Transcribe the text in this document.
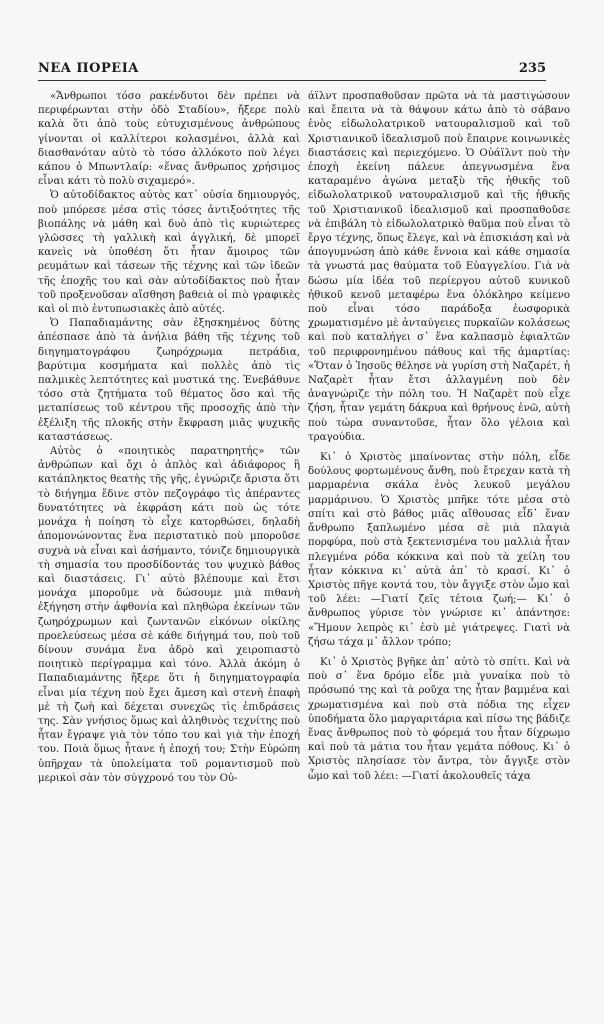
ΝΕΑ ΠΟΡΕΙΑ	235

«Ἄνθρωποι τόσο ρακένδυτοι δὲν πρέπει νὰ περιφέρωνται στὴν ὁδὸ Σταδίου», ἤξερε πολὺ καλὰ ὅτι ἀπὸ τοὺς εὐτυχισμένους ἀνθρώπους γίνονται οἱ καλλίτεροι κολασμένοι, ἀλλὰ καὶ διασθανόταν αὐτὸ τὸ τόσο ἀλλόκοτο ποὺ λέγει κάπου ὁ Μπωντλαίρ: «ἕνας ἄνθρωπος χρήσιμος εἶναι κάτι τὸ πολὺ σιχαμερό».

Ὁ αὐτοδίδακτος αὐτὸς κατ᾽ οὐσία δημιουργός, ποὺ μπόρεσε μέσα στὶς τόσες ἀντιξοότητες τῆς βιοπάλης νὰ μάθη καὶ δυὸ ἀπὸ τὶς κυριώτερες γλῶσσες τὴ γαλλικὴ καὶ ἀγγλική, δὲ μπορεῖ κανεὶς νὰ ὑποθέση ὅτι ἦταν ἄμοιρος τῶν ρευμάτων καὶ τάσεων τῆς τέχνης καὶ τῶν ἰδεῶν τῆς ἐποχῆς του καὶ σὰν αὐτοδίδακτος ποὺ ἦταν τοῦ προξενοῦσαν αἴσθηση βαθειὰ οἱ πιὸ γραφικὲς καὶ οἱ πιὸ ἐντυπωσιακὲς ἀπὸ αὐτές.

Ὁ Παπαδιαμάντης σὰν ἐξησκημένος δύτης ἀπέσπασε ἀπὸ τὰ ἀνήλια βάθη τῆς τέχνης τοῦ διηγηματογράφου ζωηρόχρωμα πετράδια, βαρύτιμα κοσμήματα καὶ πολλὲς ἀπὸ τὶς παλμικὲς λεπτότητες καὶ μυστικά της. Ἐνεβάθυνε τόσο στὰ ζητήματα τοῦ θέματος ὅσο καὶ τῆς μεταπίσεως τοῦ κέντρου τῆς προσοχῆς ἀπὸ τὴν ἐξέλιξη τῆς πλοκῆς στὴν ἔκφραση μιᾶς ψυχικῆς καταστάσεως.

Αὐτὸς ὁ «ποιητικὸς παρατηρητής» τῶν ἀνθρώπων καὶ ὄχι ὁ ἁπλὸς καὶ ἀδιάφορος ἢ κατάπληκτος θεατὴς τῆς γῆς, ἐγνώριζε ἄριστα ὅτι τὸ διήγημα ἔδινε στὸν πεζογράφο τὶς ἀπέραντες δυνατότητες νὰ ἐκφράση κάτι ποὺ ὡς τότε μονάχα ἡ ποίηση τὸ εἶχε κατορθώσει, δηλαδὴ ἀπομονώνοντας ἕνα περιστατικὸ ποὺ μποροῦσε συχνὰ νὰ εἶναι καὶ ἀσήμαντο, τόνιζε δημιουργικὰ τὴ σημασία του προσδίδοντάς του ψυχικὸ βάθος καὶ διαστάσεις. Γι᾽ αὐτὸ βλέπουμε καὶ ἔτσι μονάχα μποροῦμε νὰ δώσουμε μιὰ πιθανὴ ἐξήγηση στὴν ἀφθονία καὶ πληθώρα ἐκείνων τῶν ζωηρόχρωμων καὶ ζωντανῶν εἰκόνων οἰκίλης προελεύσεως μέσα σὲ κάθε διήγημά του, ποὺ τοῦ δίνουν συνάμα ἕνα ἁδρὸ καὶ χειροπιαστὸ ποιητικὸ περίγραμμα καὶ τόνο. Ἀλλὰ ἀκόμη ὁ Παπαδιαμάντης ἤξερε ὅτι ἡ διηγηματογραφία εἶναι μία τέχνη ποὺ ἔχει ἄμεση καὶ στενὴ ἐπαφὴ μὲ τὴ ζωὴ καὶ δέχεται συνεχῶς τὶς ἐπιδράσεις της. Σὰν γνήσιος ὅμως καὶ ἀληθινὸς τεχνίτης ποὺ ἦταν ἔγραψε γιὰ τὸν τόπο του καὶ γιὰ τὴν ἐποχή του. Ποιὰ ὅμως ἦτανε ἡ ἐποχή του; Στὴν Εὐρώπη ὑπῆρχαν τὰ ὑπολείματα τοῦ ρομαντισμοῦ ποὺ μερικοὶ σὰν τὸν σύγχρονό του τὸν Οὐ-

άϊλντ προσπαθοῦσαν πρῶτα νὰ τὰ μαστιγώσουν καὶ ἔπειτα νὰ τὰ θάψουν κάτω ἀπὸ τὸ σάβανο ἑνὸς εἰδωλολατρικοῦ νατουραλισμοῦ καὶ τοῦ Χριστιανικοῦ ἰδεαλισμοῦ ποὺ ἔπαιρνε κοινωνικὲς διαστάσεις καὶ περιεχόμενο. Ὁ Οὐάϊλντ ποὺ τὴν ἐποχὴ ἐκείνη πάλευε ἀπεγνωσμένα ἕνα καταραμένο ἀγώνα μεταξὺ τῆς ἠθικῆς τοῦ εἰδωλολατρικοῦ νατουραλισμοῦ καὶ τῆς ἠθικῆς τοῦ Χριστιανικοῦ ἰδεαλισμοῦ καὶ προσπαθοῦσε νὰ ἐπιβάλη τὸ εἰδωλολατρικὸ θαῦμα ποὺ εἶναι τὸ ἔργο τέχνης, ὅπως ἔλεγε, καὶ νὰ ἐπισκιάση καὶ νὰ ἀπογυμνώση ἀπὸ κάθε ἔννοια καὶ κάθε σημασία τὰ γνωστά μας θαύματα τοῦ Εὐαγγελίου. Γιὰ νὰ δώσω μία ἰδέα τοῦ περίεργου αὐτοῦ κυνικοῦ ἠθικοῦ κενοῦ μεταφέρω ἕνα ὁλόκληρο κείμενο ποὺ εἶναι τόσο παράδοξα ἐωσφορικὰ χρωματισμένο μὲ ἀνταύγειες πυρκαϊῶν κολάσεως καὶ ποὺ καταλήγει σ᾽ ἕνα καλπασμὸ ἐφιαλτῶν τοῦ περιφρονημένου πάθους καὶ τῆς ἁμαρτίας: «Ὅταν ὁ Ἰησοῦς θέλησε νὰ γυρίση στὴ Ναζαρέτ, ἡ Ναζαρὲτ ἦταν ἔτσι ἀλλαγμένη ποὺ δὲν ἀναγνώριζε τὴν πόλη του. Ἡ Ναζαρὲτ ποὺ εἶχε ζήση, ἦταν γεμάτη δάκρυα καὶ θρήνους ἐνῶ, αὐτὴ ποὺ τώρα συναντοῦσε, ἦταν ὅλο γέλοια καὶ τραγούδια.

Κι᾽ ὁ Χριστὸς μπαίνοντας στὴν πόλη, εἶδε δούλους φορτωμένους ἄνθη, ποὺ ἔτρεχαν κατὰ τὴ μαρμαρένια σκάλα ἑνὸς λευκοῦ μεγάλου μαρμάρινου. Ὁ Χριστὸς μπῆκε τότε μέσα στὸ σπίτι καὶ στὸ βάθος μιᾶς αἴθουσας εἶδ᾽ ἕναν ἄνθρωπο ξαπλωμένο μέσα σὲ μιὰ πλαγιὰ πορφύρα, ποὺ στὰ ξεκτενισμένα του μαλλιὰ ἦταν πλεγμένα ρόδα κόκκινα καὶ ποὺ τὰ χείλη του ἦταν κόκκινα κι᾽ αὐτὰ ἀπ᾽ τὸ κρασί. Κι᾽ ὁ Χριστὸς πῆγε κοντά του, τὸν ἄγγιξε στὸν ὦμο καὶ τοῦ λέει: —Γιατί ζεῖς τέτοια ζωή;— Κι᾽ ὁ ἄνθρωπος γύρισε τὸν γνώρισε κι᾽ ἀπάντησε: «Ἤμουν λεπρὸς κι᾽ ἐσὺ μὲ γιάτρεψες. Γιατὶ νὰ ζήσω τάχα μ᾽ ἄλλον τρόπο;

Κι᾽ ὁ Χριστὸς βγῆκε ἀπ᾽ αὐτὸ τὸ σπίτι. Καὶ νὰ ποὺ σ᾽ ἕνα δρόμο εἶδε μιὰ γυναίκα ποὺ τὸ πρόσωπό της καὶ τὰ ροῦχα της ἦταν βαμμένα καὶ χρωματισμένα καὶ ποὺ στὰ πόδια της εἶχεν ὑποδήματα ὅλο μαργαριτάρια καὶ πίσω της βάδιζε ἕνας ἄνθρωπος ποὺ τὸ φόρεμά του ἦταν δίχρωμο καὶ ποὺ τὰ μάτια του ἦταν γεμάτα πόθους. Κι᾽ ὁ Χριστὸς πλησίασε τὸν ἄντρα, τὸν ἄγγιξε στὸν ὦμο καὶ τοῦ λέει: —Γιατί ἀκολουθεῖς τάχα
